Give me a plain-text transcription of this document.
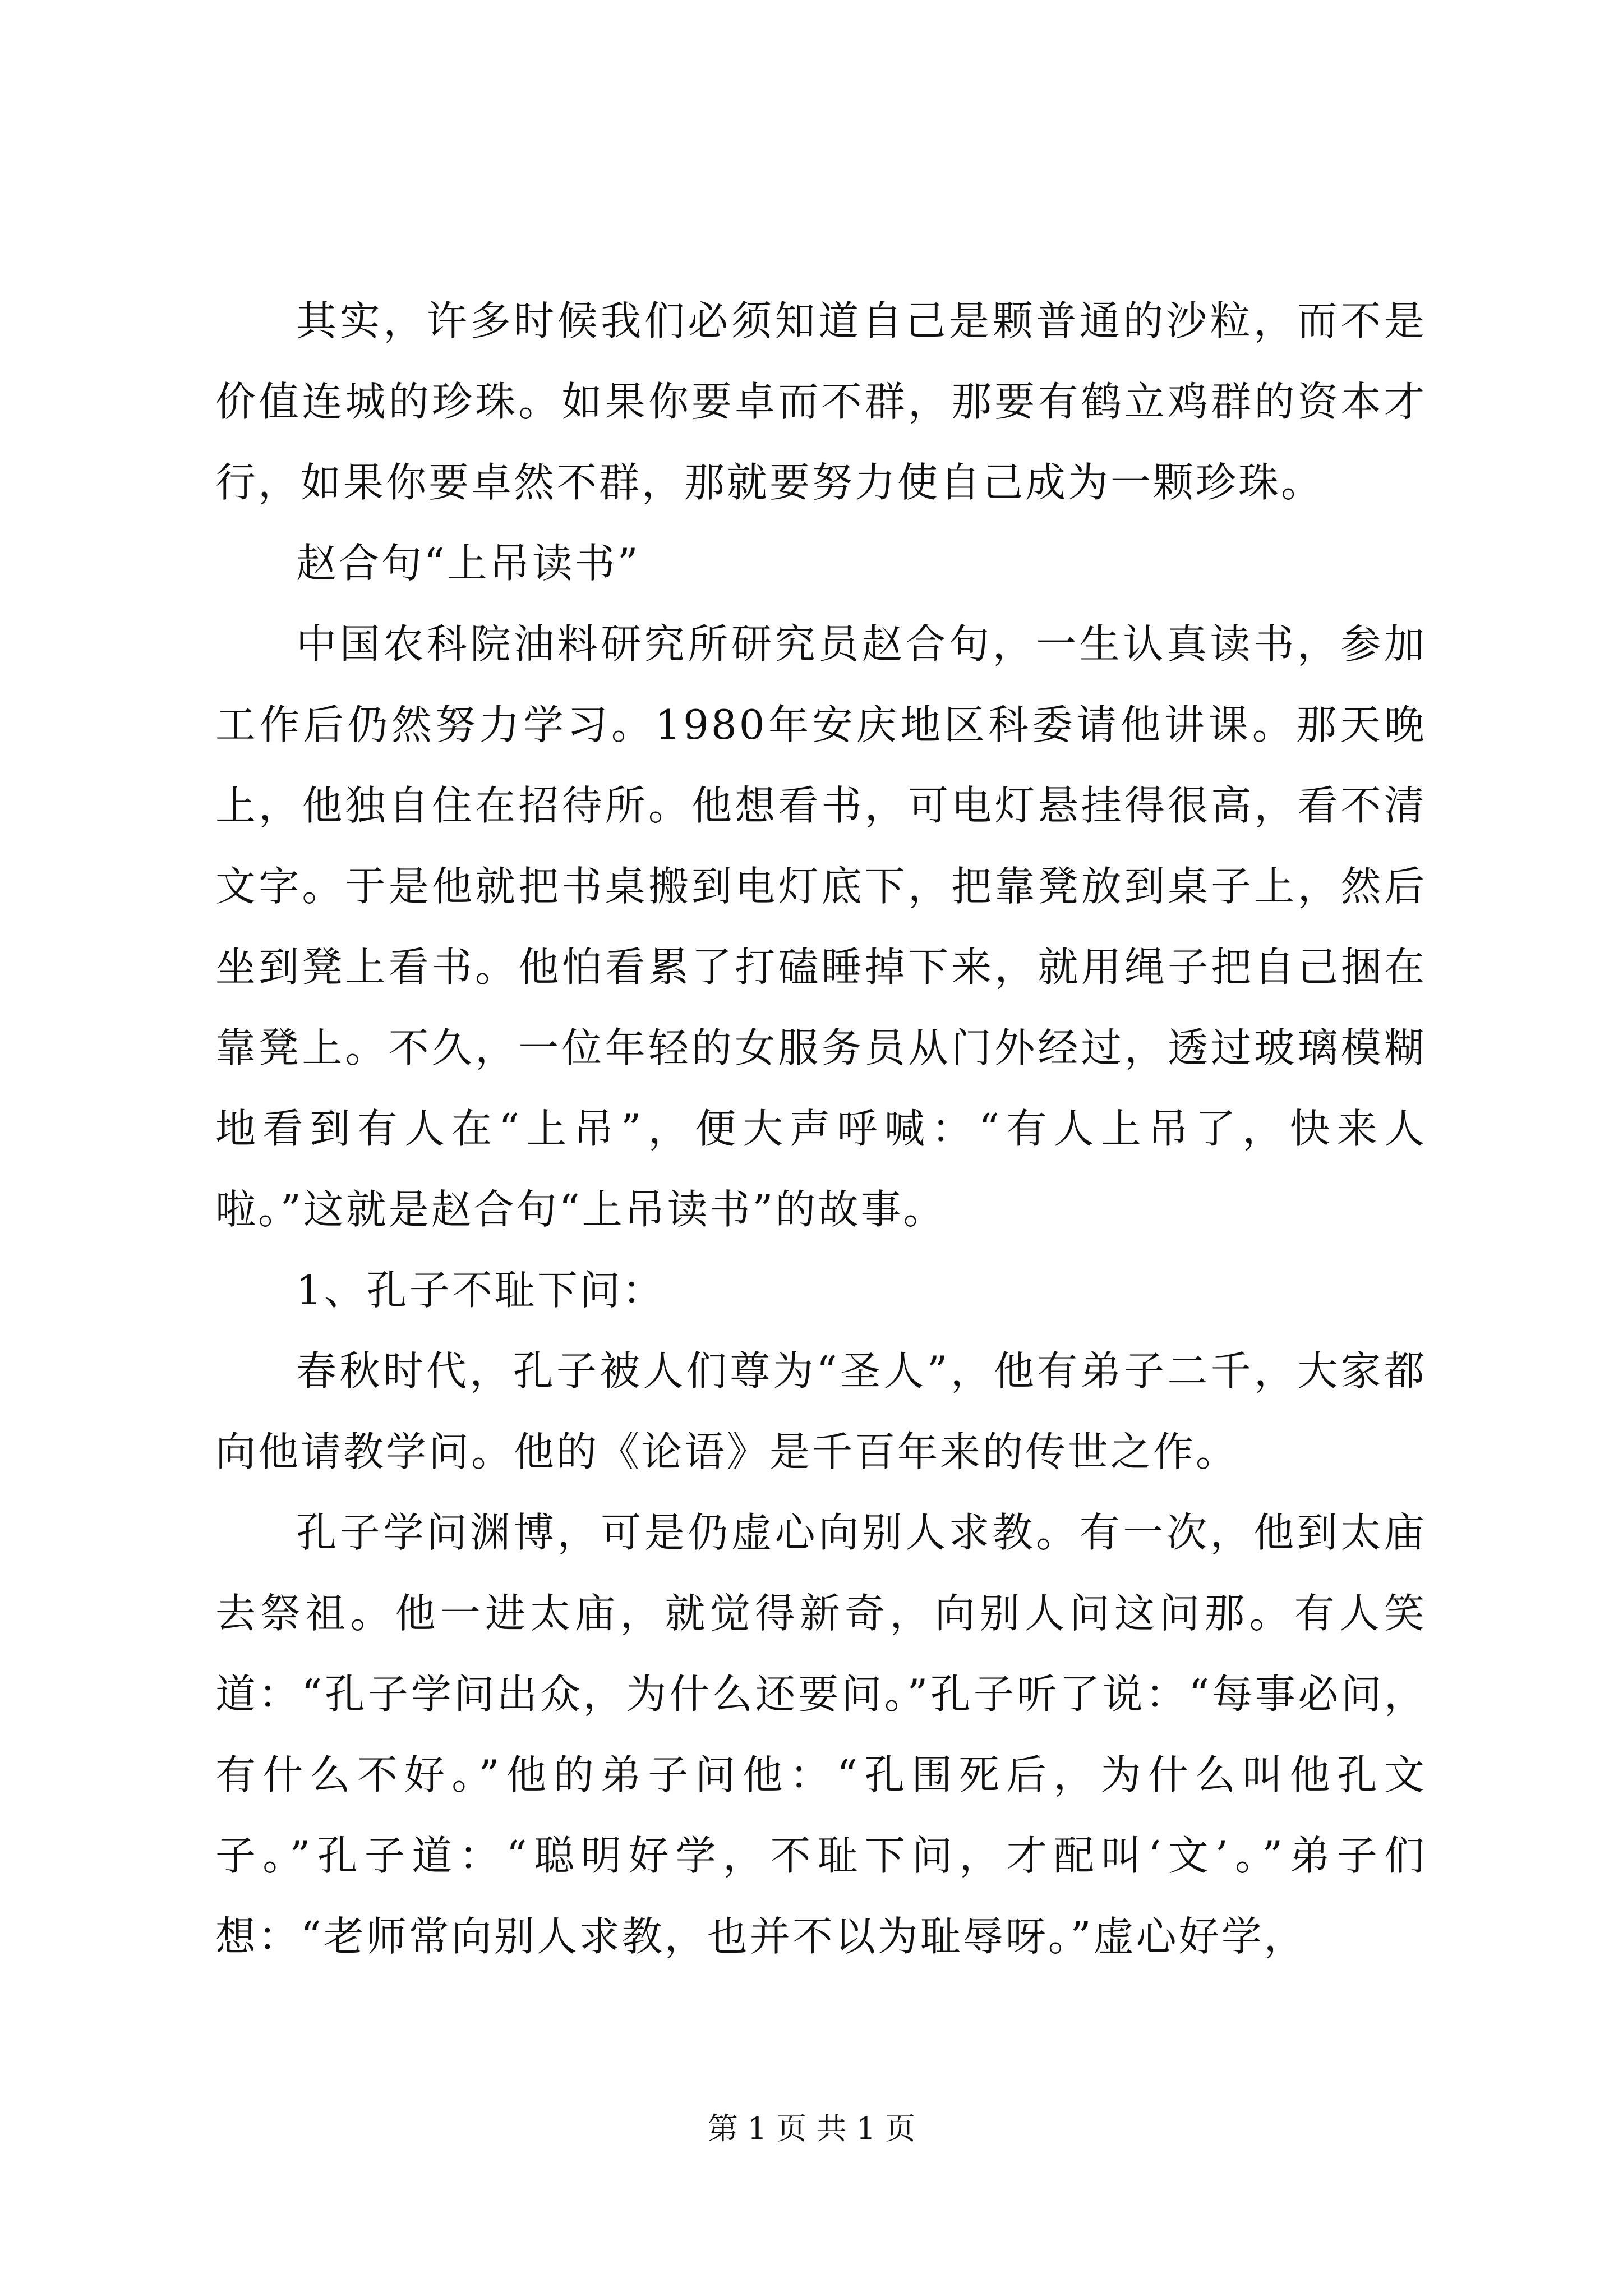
其实，许多时候我们必须知道自己是颗普通的沙粒，而不是价值连城的珍珠。如果你要卓而不群，那要有鹤立鸡群的资本才行，如果你要卓然不群，那就要努力使自己成为一颗珍珠。

赵合句“上吊读书”

中国农科院油料研究所研究员赵合句，一生认真读书，参加工作后仍然努力学习。1980年安庆地区科委请他讲课。那天晚上，他独自住在招待所。他想看书，可电灯悬挂得很高，看不清文字。于是他就把书桌搬到电灯底下，把靠凳放到桌子上，然后坐到凳上看书。他怕看累了打磕睡掉下来，就用绳子把自己捆在靠凳上。不久，一位年轻的女服务员从门外经过，透过玻璃模糊地看到有人在“上吊”，便大声呼喊：“有人上吊了，快来人啦。”这就是赵合句“上吊读书”的故事。

1、孔子不耻下问：

春秋时代，孔子被人们尊为“圣人”，他有弟子二千，大家都向他请教学问。他的《论语》是千百年来的传世之作。

孔子学问渊博，可是仍虚心向别人求教。有一次，他到太庙去祭祖。他一进太庙，就觉得新奇，向别人问这问那。有人笑道：“孔子学问出众，为什么还要问。”孔子听了说：“每事必问，有什么不好。”他的弟子问他：“孔围死后，为什么叫他孔文子。”孔子道：“聪明好学，不耻下问，才配叫‘文’。”弟子们想：“老师常向别人求教，也并不以为耻辱呀。”虚心好学，

第 1 页 共 1 页
